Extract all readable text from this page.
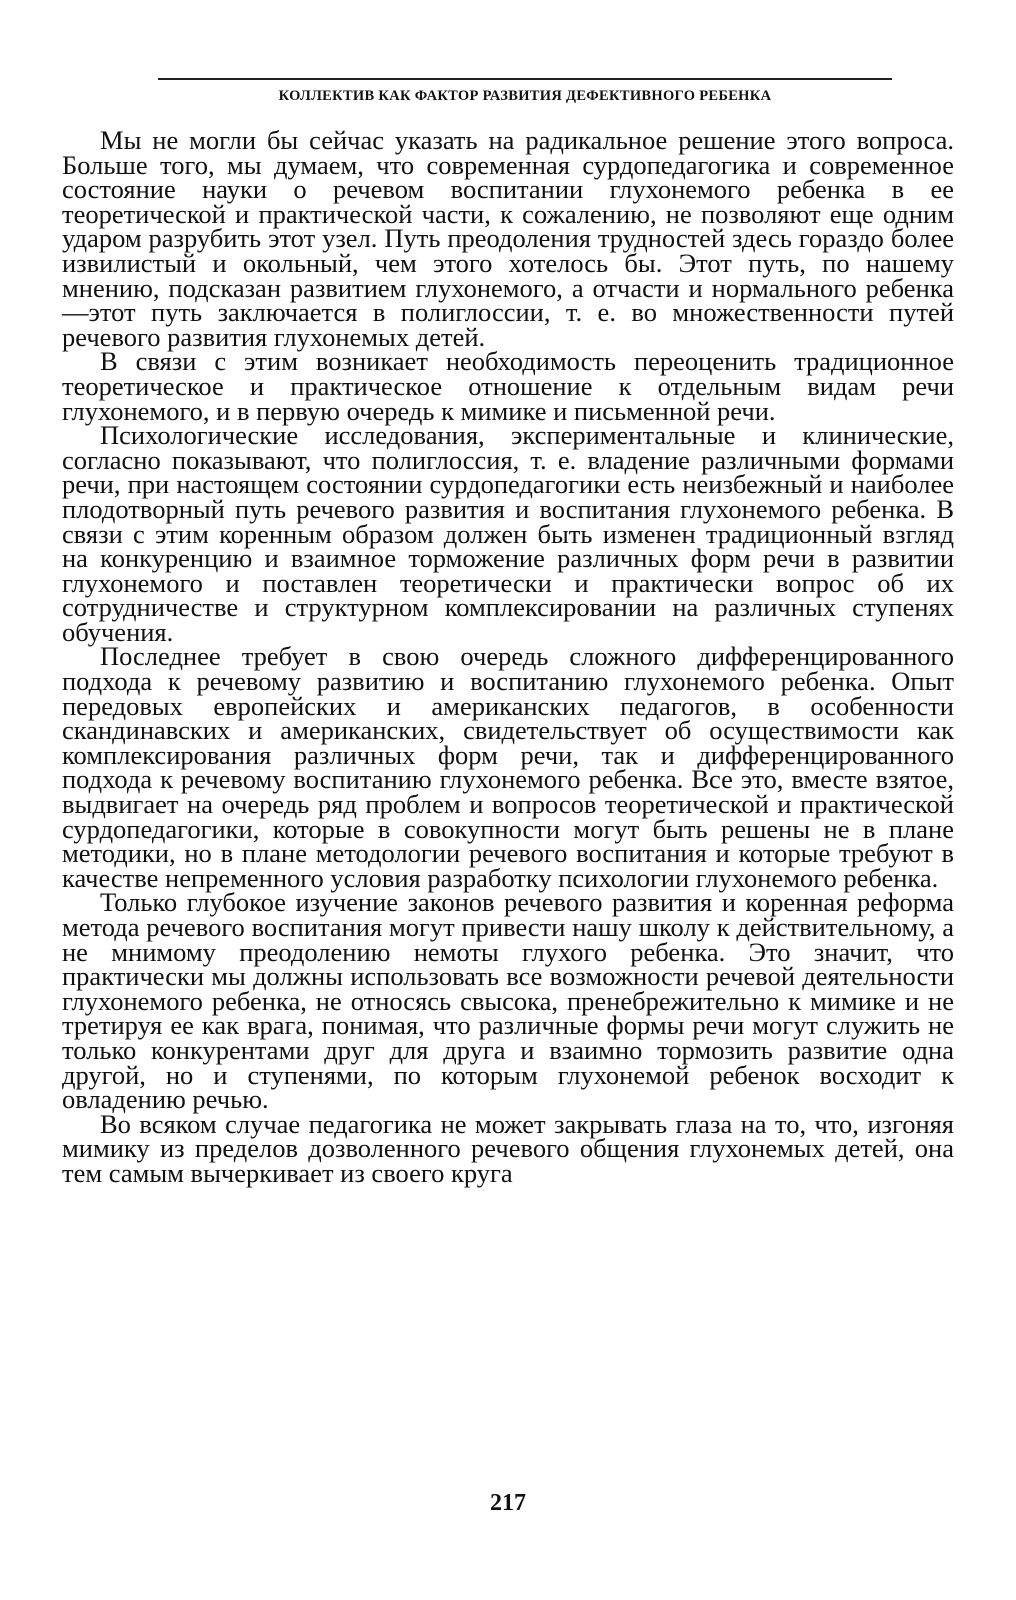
КОЛЛЕКТИВ КАК ФАКТОР РАЗВИТИЯ ДЕФЕКТИВНОГО РЕБЕНКА

Мы не могли бы сейчас указать на радикальное решение этого вопроса. Больше того, мы думаем, что современная сурдопедагогика и современное состояние науки о речевом воспитании глухонемого ребенка в ее теоретической и практической части, к сожалению, не позволяют еще одним ударом разрубить этот узел. Путь преодоления трудностей здесь гораздо более извилистый и окольный, чем этого хотелось бы. Этот путь, по нашему мнению, подсказан развитием глухонемого, а отчасти и нормального ребенка—этот путь заключается в полиглоссии, т. е. во множественности путей речевого развития глухонемых детей.

В связи с этим возникает необходимость переоценить традиционное теоретическое и практическое отношение к отдельным видам речи глухонемого, и в первую очередь к мимике и письменной речи.

Психологические исследования, экспериментальные и клинические, согласно показывают, что полиглоссия, т. е. владение различными формами речи, при настоящем состоянии сурдопедагогики есть неизбежный и наиболее плодотворный путь речевого развития и воспитания глухонемого ребенка. В связи с этим коренным образом должен быть изменен традиционный взгляд на конкуренцию и взаимное торможение различных форм речи в развитии глухонемого и поставлен теоретически и практически вопрос об их сотрудничестве и структурном комплексировании на различных ступенях обучения.

Последнее требует в свою очередь сложного дифференцированного подхода к речевому развитию и воспитанию глухонемого ребенка. Опыт передовых европейских и американских педагогов, в особенности скандинавских и американских, свидетельствует об осуществимости как комплексирования различных форм речи, так и дифференцированного подхода к речевому воспитанию глухонемого ребенка. Все это, вместе взятое, выдвигает на очередь ряд проблем и вопросов теоретической и практической сурдопедагогики, которые в совокупности могут быть решены не в плане методики, но в плане методологии речевого воспитания и которые требуют в качестве непременного условия разработку психологии глухонемого ребенка.

Только глубокое изучение законов речевого развития и коренная реформа метода речевого воспитания могут привести нашу школу к действительному, а не мнимому преодолению немоты глухого ребенка. Это значит, что практически мы должны использовать все возможности речевой деятельности глухонемого ребенка, не относясь свысока, пренебрежительно к мимике и не третируя ее как врага, понимая, что различные формы речи могут служить не только конкурентами друг для друга и взаимно тормозить развитие одна другой, но и ступенями, по которым глухонемой ребенок восходит к овладению речью.

Во всяком случае педагогика не может закрывать глаза на то, что, изгоняя мимику из пределов дозволенного речевого общения глухонемых детей, она тем самым вычеркивает из своего круга

217
